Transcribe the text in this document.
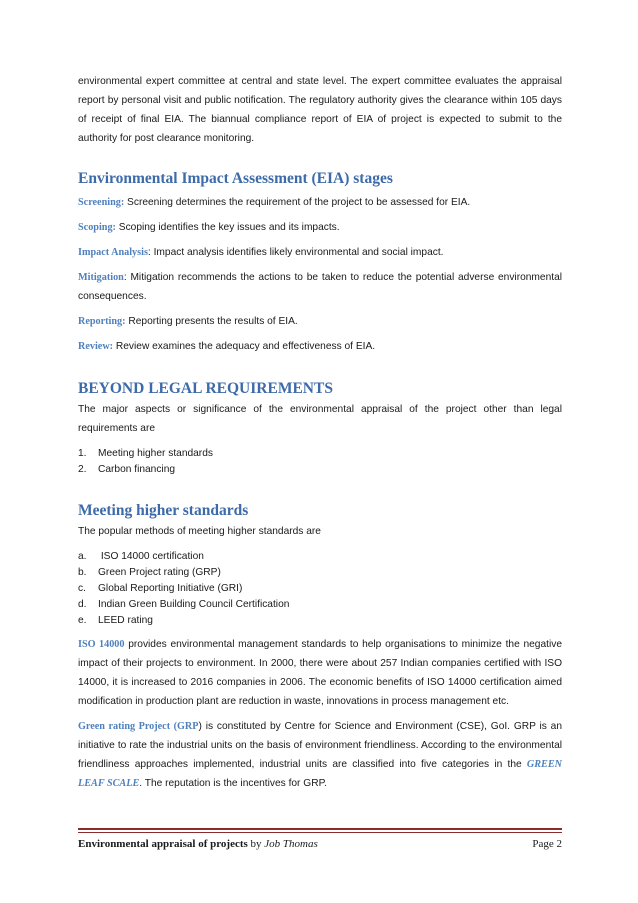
environmental expert committee at central and state level. The expert committee evaluates the appraisal report by personal visit and public notification. The regulatory authority gives the clearance within 105 days of receipt of final EIA. The biannual compliance report of EIA of project is expected to submit to the authority for post clearance monitoring.

Environmental Impact Assessment (EIA) stages

Screening: Screening determines the requirement of the project to be assessed for EIA.

Scoping: Scoping identifies the key issues and its impacts.

Impact Analysis: Impact analysis identifies likely environmental and social impact.

Mitigation: Mitigation recommends the actions to be taken to reduce the potential adverse environmental consequences.

Reporting: Reporting presents the results of EIA.

Review: Review examines the adequacy and effectiveness of EIA.

BEYOND LEGAL REQUIREMENTS

The major aspects or significance of the environmental appraisal of the project other than legal requirements are

1.	Meeting higher standards
2.	Carbon financing

Meeting higher standards

The popular methods of meeting higher standards are

a.	ISO 14000 certification
b.	Green Project rating (GRP)
c.	Global Reporting Initiative (GRI)
d.	Indian Green Building Council Certification
e.	LEED rating

ISO 14000 provides environmental management standards to help organisations to minimize the negative impact of their projects to environment. In 2000, there were about 257 Indian companies certified with ISO 14000, it is increased to 2016 companies in 2006. The economic benefits of ISO 14000 certification aimed modification in production plant are reduction in waste, innovations in process management etc.

Green rating Project (GRP) is constituted by Centre for Science and Environment (CSE), GoI. GRP is an initiative to rate the industrial units on the basis of environment friendliness. According to the environmental friendliness approaches implemented, industrial units are classified into five categories in the GREEN LEAF SCALE. The reputation is the incentives for GRP.

Environmental appraisal of projects by Job Thomas	Page 2
